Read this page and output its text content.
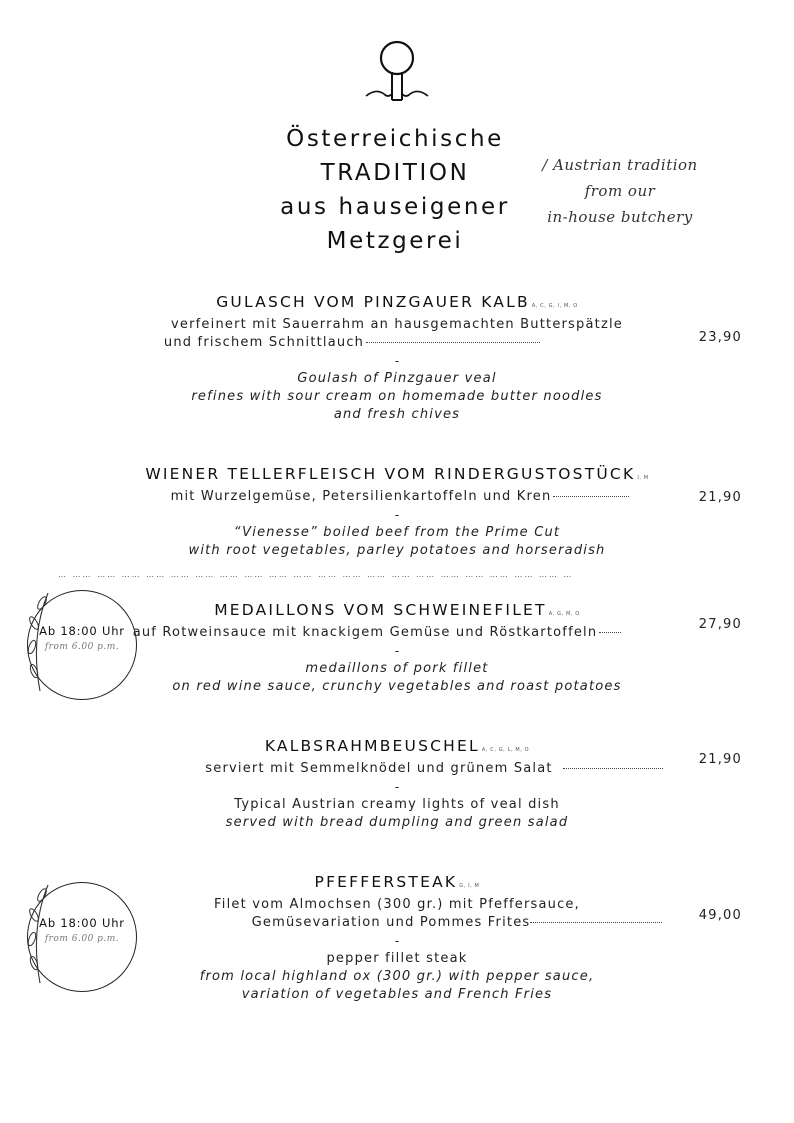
Österreichische
TRADITION
aus hauseigener
Metzgerei
/ Austrian tradition
from our
in-house butchery
GULASCH VOM PINZGAUER KALB A, C, G, I, M, O
verfeinert mit Sauerrahm an hausgemachten Butterspätzle
und frischem Schnittlauch
-
Goulash of Pinzgauer veal
refines with sour cream on homemade butter noodles
and fresh chives
23,90
WIENER TELLERFLEISCH VOM RINDERGUSTOSTÜCK I, M
mit Wurzelgemüse, Petersilienkartoffeln und Kren
-
“Vienesse” boiled beef from the Prime Cut
with root vegetables, parley potatoes and horseradish
21,90
… …… …… …… …… …… …… …… …… …… …… …… …… …… …… …… …… …… …… …… …… …
MEDAILLONS VOM SCHWEINEFILET A, G, M, O
auf Rotweinsauce mit knackigem Gemüse und Röstkartoffeln
-
medaillons of pork fillet
on red wine sauce, crunchy vegetables and roast potatoes
27,90
Ab 18:00 Uhr
from 6.00 p.m.
KALBSRAHMBEUSCHEL A, C, G, L, M, O
serviert mit Semmelknödel und grünem Salat
-
Typical Austrian creamy lights of veal dish
served with bread dumpling and green salad
21,90
PFEFFERSTEAK G, I, M
Filet vom Almochsen (300 gr.) mit Pfeffersauce,
Gemüsevariation und Pommes Frites
-
pepper fillet steak
from local highland ox (300 gr.) with pepper sauce,
variation of vegetables and French Fries
49,00
Ab 18:00 Uhr
from 6.00 p.m.
